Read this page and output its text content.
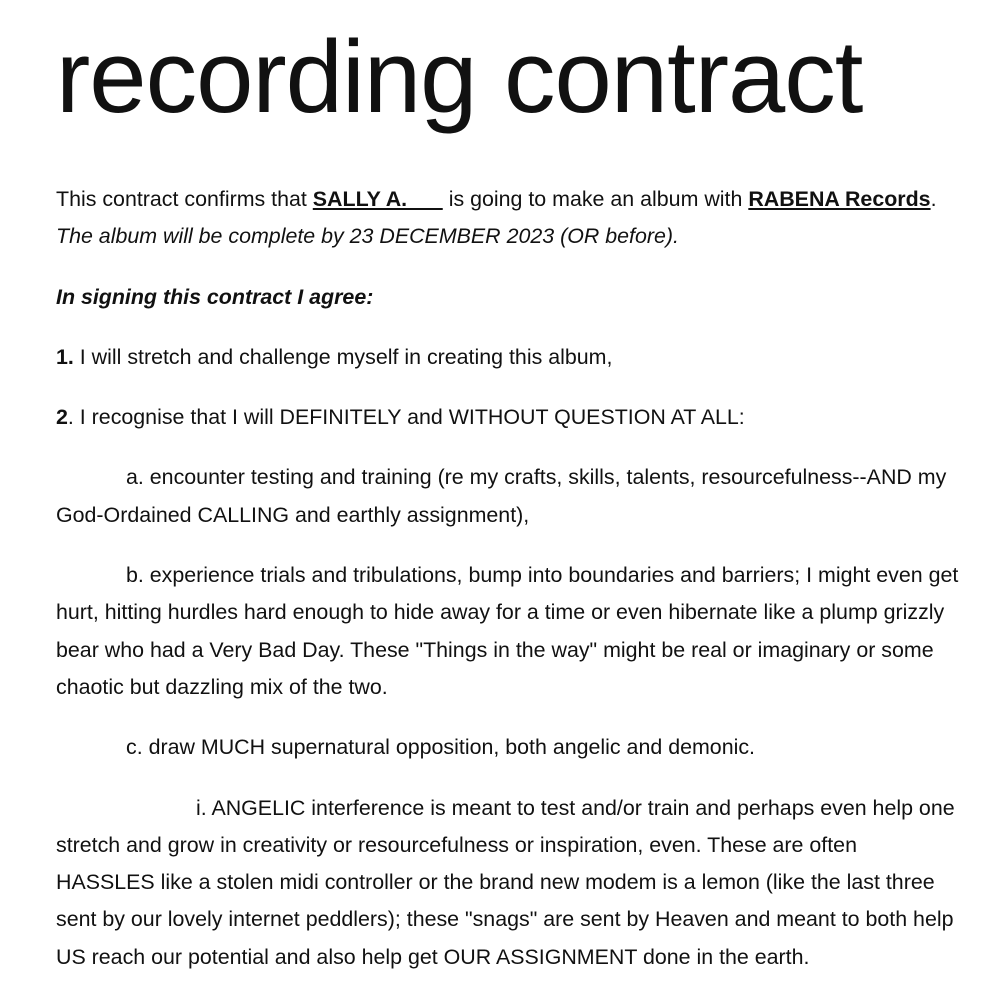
recording contract

This contract confirms that SALLY A.       is going to make an album with RABENA Records. The album will be complete by 23 DECEMBER 2023 (OR before).

In signing this contract I agree:

1. I will stretch and challenge myself in creating this album,

2. I recognise that I will DEFINITELY and WITHOUT QUESTION AT ALL:

a. encounter testing and training (re my crafts, skills, talents, resourcefulness--AND my God-Ordained CALLING and earthly assignment),

b. experience trials and tribulations, bump into boundaries and barriers; I might even get hurt, hitting hurdles hard enough to hide away for a time or even hibernate like a plump grizzly bear who had a Very Bad Day. These "Things in the way" might be real or imaginary or some chaotic but dazzling mix of the two.

c. draw MUCH supernatural opposition, both angelic and demonic.

i. ANGELIC interference is meant to test and/or train and perhaps even help one stretch and grow in creativity or resourcefulness or inspiration, even. These are often HASSLES like a stolen midi controller or the brand new modem is a lemon (like the last three sent by our lovely internet peddlers); these "snags" are sent by Heaven and meant to both help US reach our potential and also help get OUR ASSIGNMENT done in the earth.
